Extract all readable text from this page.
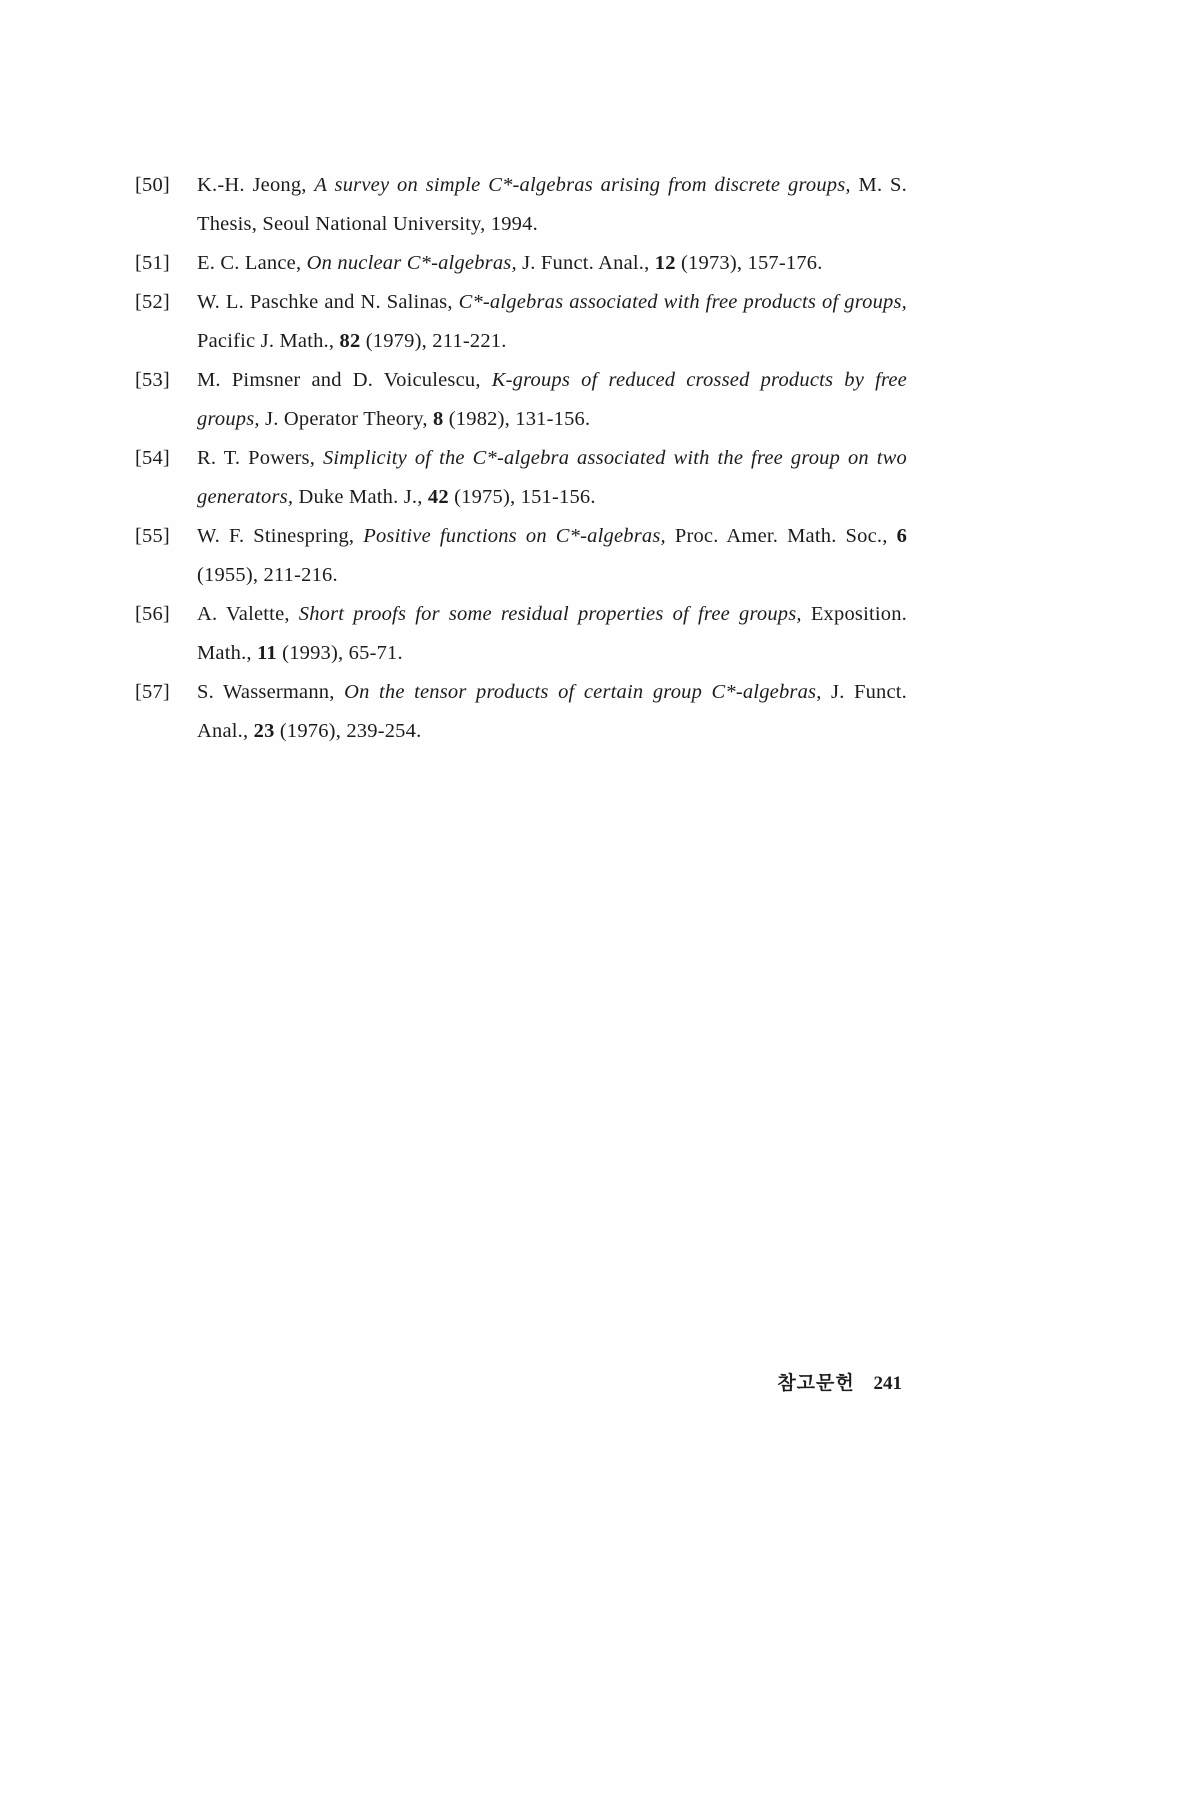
[50] K.-H. Jeong, A survey on simple C*-algebras arising from discrete groups, M. S. Thesis, Seoul National University, 1994.
[51] E. C. Lance, On nuclear C*-algebras, J. Funct. Anal., 12 (1973), 157-176.
[52] W. L. Paschke and N. Salinas, C*-algebras associated with free products of groups, Pacific J. Math., 82 (1979), 211-221.
[53] M. Pimsner and D. Voiculescu, K-groups of reduced crossed products by free groups, J. Operator Theory, 8 (1982), 131-156.
[54] R. T. Powers, Simplicity of the C*-algebra associated with the free group on two generators, Duke Math. J., 42 (1975), 151-156.
[55] W. F. Stinespring, Positive functions on C*-algebras, Proc. Amer. Math. Soc., 6 (1955), 211-216.
[56] A. Valette, Short proofs for some residual properties of free groups, Exposition. Math., 11 (1993), 65-71.
[57] S. Wassermann, On the tensor products of certain group C*-algebras, J. Funct. Anal., 23 (1976), 239-254.
참고문헌 241
